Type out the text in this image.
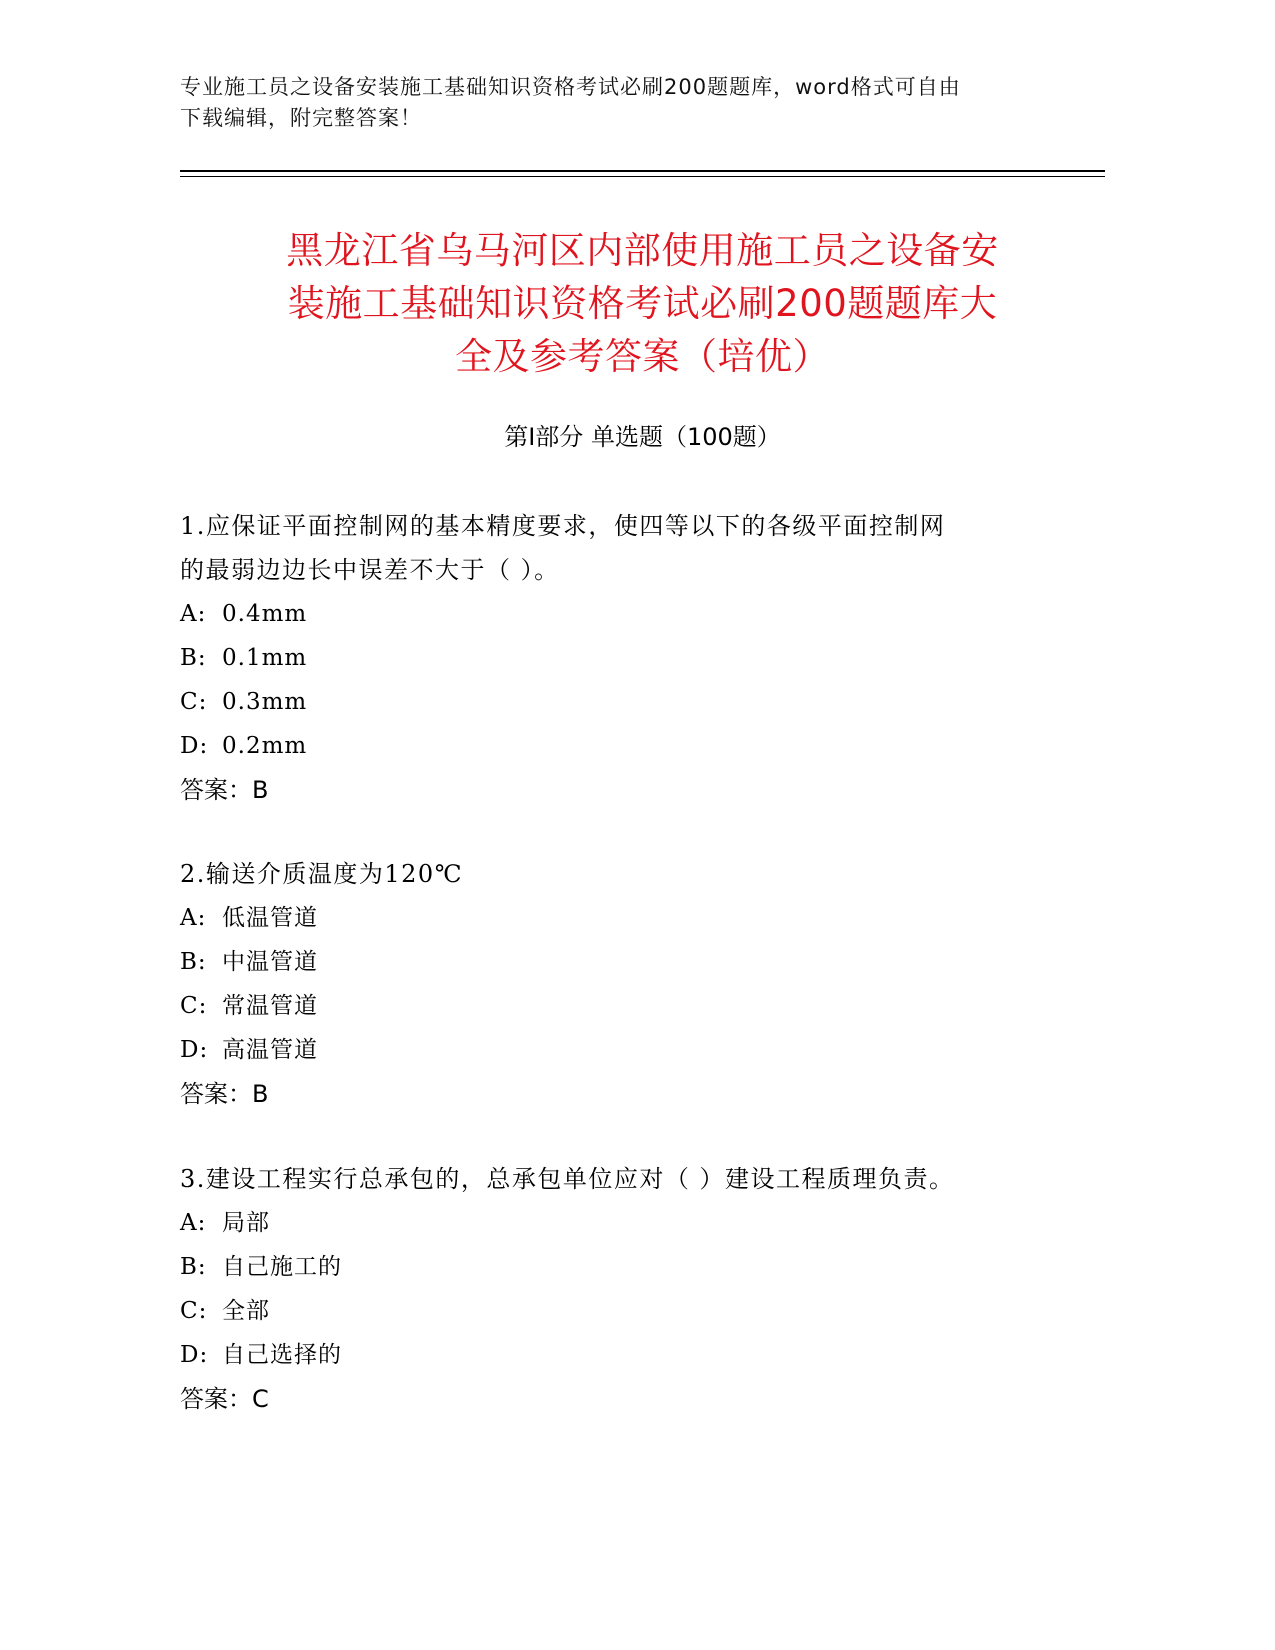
专业施工员之设备安装施工基础知识资格考试必刷200题题库，word格式可自由
下载编辑，附完整答案！
黑龙江省乌马河区内部使用施工员之设备安
装施工基础知识资格考试必刷200题题库大
全及参考答案（培优）
第Ⅰ部分 单选题（100题）

1.应保证平面控制网的基本精度要求，使四等以下的各级平面控制网

的最弱边边长中误差不大于（ ）。

A: 0.4mm

B: 0.1mm

C: 0.3mm

D: 0.2mm

答案：B

2.输送介质温度为120℃

A: 低温管道

B: 中温管道

C: 常温管道

D: 高温管道

答案：B

3.建设工程实行总承包的，总承包单位应对（ ）建设工程质理负责。

A: 局部

B: 自己施工的

C: 全部

D: 自己选择的

答案：C
